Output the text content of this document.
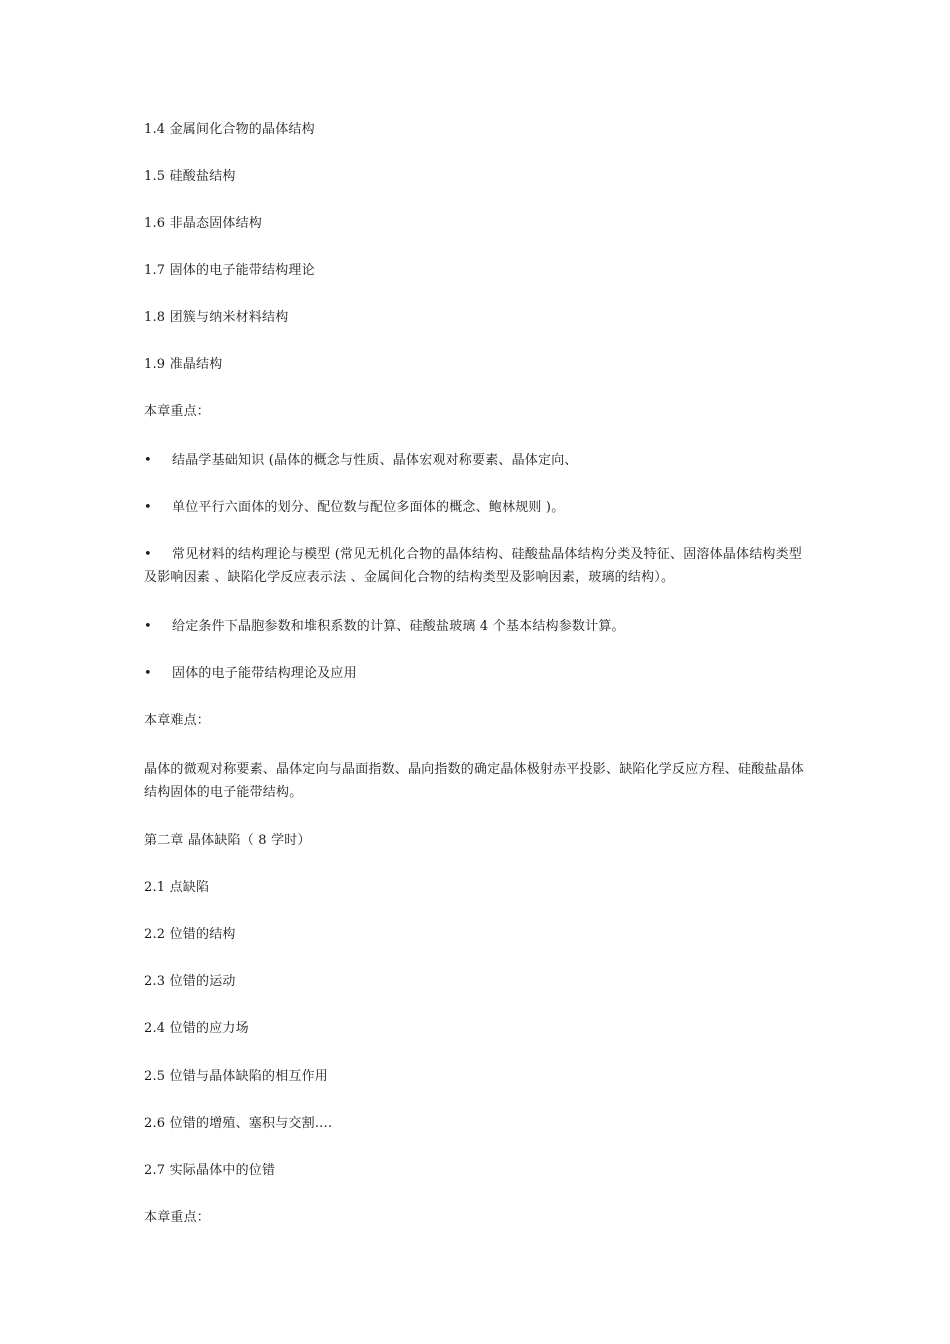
1.4 金属间化合物的晶体结构
1.5 硅酸盐结构
1.6 非晶态固体结构
1.7 固体的电子能带结构理论
1.8 团簇与纳米材料结构
1.9 准晶结构
本章重点：
• 结晶学基础知识 (晶体的概念与性质、晶体宏观对称要素、晶体定向、
• 单位平行六面体的划分、配位数与配位多面体的概念、鲍林规则 )。
• 常见材料的结构理论与模型 (常见无机化合物的晶体结构、硅酸盐晶体结构分类及特征、固溶体晶体结构类型及影响因素 、缺陷化学反应表示法 、金属间化合物的结构类型及影响因素，玻璃的结构）。
• 给定条件下晶胞参数和堆积系数的计算、硅酸盐玻璃 4 个基本结构参数计算。
• 固体的电子能带结构理论及应用
本章难点：
晶体的微观对称要素、晶体定向与晶面指数、晶向指数的确定晶体极射赤平投影、缺陷化学反应方程、硅酸盐晶体结构固体的电子能带结构。
第二章 晶体缺陷（ 8 学时）
2.1 点缺陷
2.2 位错的结构
2.3 位错的运动
2.4 位错的应力场
2.5 位错与晶体缺陷的相互作用
2.6 位错的增殖、塞积与交割….
2.7 实际晶体中的位错
本章重点：
